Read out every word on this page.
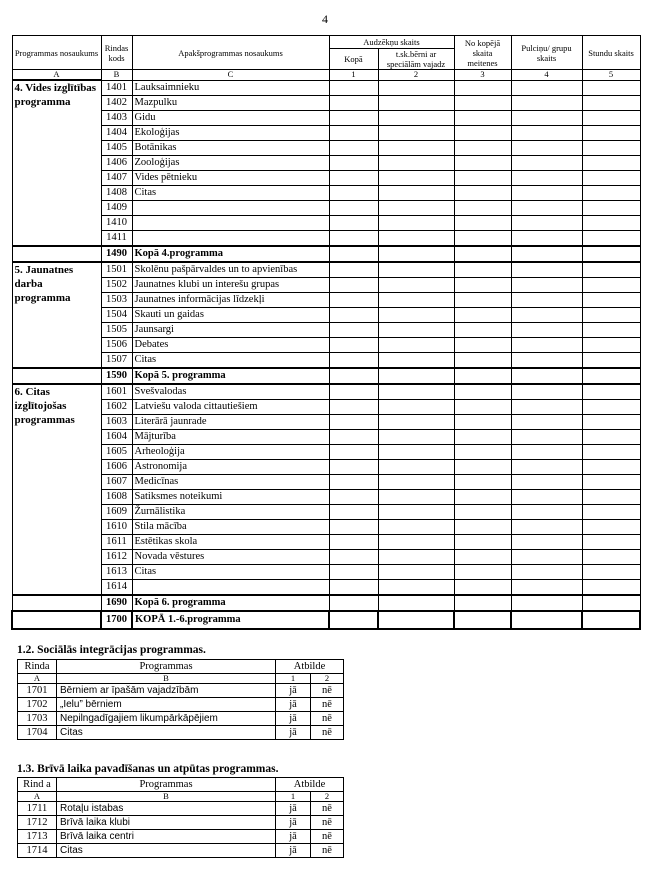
4
Programmas nosaukums	Rindas kods	Apakšprogrammas nosaukums	Audzēkņu skaits		No kopējā skaita meitenes	Pulciņu/ grupu skaits	Stundu skaits
			Kopā	t.sk.bērni ar speciālām vajadz			
A	B	C	1	2	3	4	5
4. Vides izglītības programma	1401	Lauksaimnieku					
	1402	Mazpulku					
	1403	Gidu					
	1404	Ekoloģijas					
	1405	Botānikas					
	1406	Zooloģijas					
	1407	Vides pētnieku					
	1408	Citas					
	1409						
	1410						
	1411						
	1490	Kopā 4.programma					
5. Jaunatnes darba programma	1501	Skolēnu pašpārvaldes un to apvienības					
	1502	Jaunatnes klubi un interešu grupas					
	1503	Jaunatnes informācijas līdzekļi					
	1504	Skauti un gaidas					
	1505	Jaunsargi					
	1506	Debates					
	1507	Citas					
	1590	Kopā 5. programma					
6. Citas izglītojošas programmas	1601	Svešvalodas					
	1602	Latviešu valoda cittautiešiem					
	1603	Literārā jaunrade					
	1604	Mājturība					
	1605	Arheoloģija					
	1606	Astronomija					
	1607	Medicīnas					
	1608	Satiksmes noteikumi					
	1609	Žurnālistika					
	1610	Stila mācība					
	1611	Estētikas skola					
	1612	Novada vēstures					
	1613	Citas					
	1614						
	1690	Kopā 6. programma					
	1700	KOPĀ 1.-6.programma					
1.2. Sociālās integrācijas programmas.
Rinda	Programmas	Atbilde	
A	B	1	2
1701	Bērniem ar īpašām vajadzībām	jā	nē
1702	„Ielu” bērniem	jā	nē
1703	Nepilngadīgajiem likumpārkāpējiem	jā	nē
1704	Citas	jā	nē
1.3. Brīvā laika pavadīšanas un atpūtas programmas.
Rind a	Programmas	Atbilde	
A	B	1	2
1711	Rotaļu istabas	jā	nē
1712	Brīvā laika klubi	jā	nē
1713	Brīvā laika centri	jā	nē
1714	Citas	jā	nē
